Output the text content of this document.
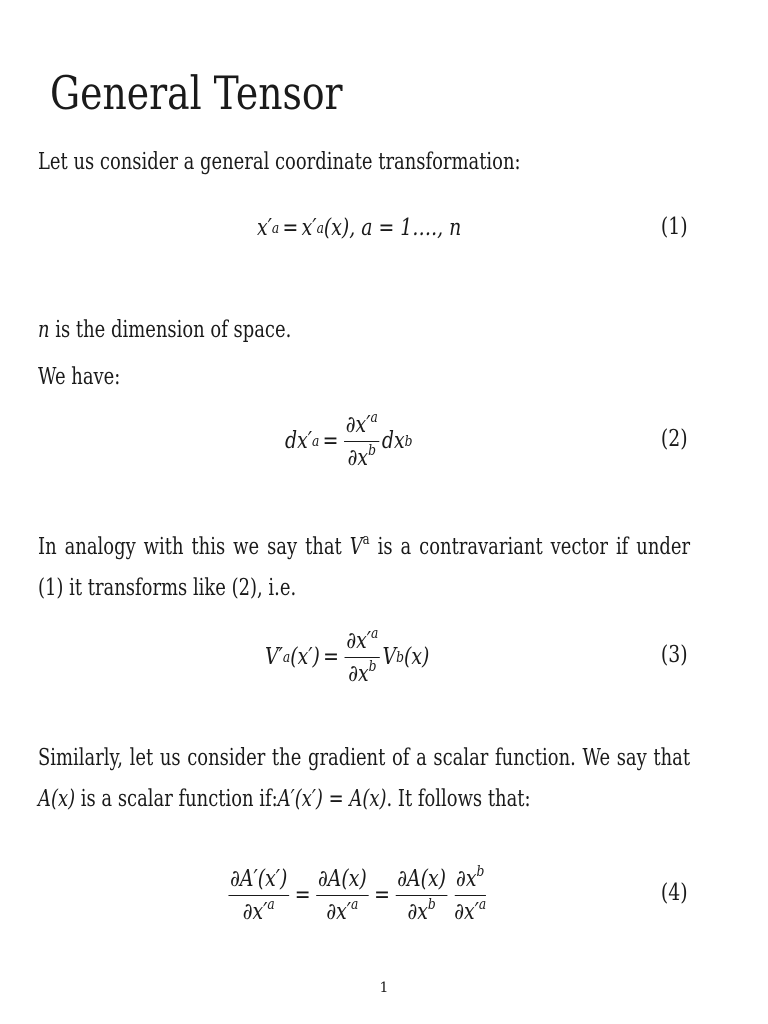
General Tensor
Let us consider a general coordinate transformation:
x′ a = x′ a (x), a = 1…., n	(1)
n is the dimension of space.
We have:
dx′ $a = \frac{\partial x'^a}{\partial x^b}$ dx b	(2)
In analogy with this we say that $V^a$ is a contravariant vector if under (1) it transforms like (2), i.e.
V′ a $(x') = \frac{\partial x'^a}{\partial x^b}$ V b (x)	(3)
Similarly, let us consider the gradient of a scalar function. We say that A(x) is a scalar function if:A′(x′) = A(x). It follows that:
$\frac{\partial A'(x')}{\partial x'^a} = \frac{\partial A(x)}{\partial x'^a} = \frac{\partial A(x)}{\partial x^b} \frac{\partial x^b}{\partial x'^a}$	(4)
1
